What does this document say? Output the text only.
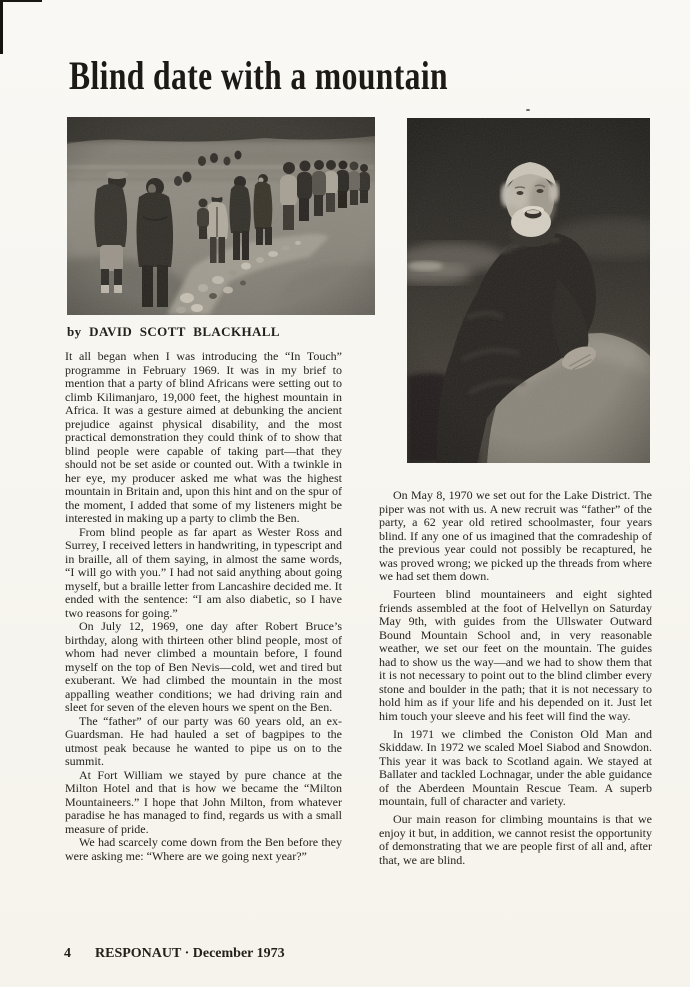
Blind date with a mountain
by DAVID SCOTT BLACKHALL

It all began when I was introducing the “In Touch” programme in February 1969. It was in my brief to mention that a party of blind Africans were setting out to climb Kilimanjaro, 19,000 feet, the highest mountain in Africa. It was a gesture aimed at debunking the ancient prejudice against physical disability, and the most practical demonstration they could think of to show that blind people were capable of taking part—that they should not be set aside or counted out. With a twinkle in her eye, my producer asked me what was the highest mountain in Britain and, upon this hint and on the spur of the moment, I added that some of my listeners might be interested in making up a party to climb the Ben.

From blind people as far apart as Wester Ross and Surrey, I received letters in handwriting, in typescript and in braille, all of them saying, in almost the same words, “I will go with you.” I had not said anything about going myself, but a braille letter from Lancashire decided me. It ended with the sentence: “I am also diabetic, so I have two reasons for going.”

On July 12, 1969, one day after Robert Bruce’s birthday, along with thirteen other blind people, most of whom had never climbed a mountain before, I found myself on the top of Ben Nevis—cold, wet and tired but exuberant. We had climbed the mountain in the most appalling weather conditions; we had driving rain and sleet for seven of the eleven hours we spent on the Ben.

The “father” of our party was 60 years old, an ex-Guardsman. He had hauled a set of bagpipes to the utmost peak because he wanted to pipe us on to the summit.

At Fort William we stayed by pure chance at the Milton Hotel and that is how we became the “Milton Mountaineers.” I hope that John Milton, from whatever paradise he has managed to find, regards us with a small measure of pride.

We had scarcely come down from the Ben before they were asking me: “Where are we going next year?”

On May 8, 1970 we set out for the Lake District. The piper was not with us. A new recruit was “father” of the party, a 62 year old retired schoolmaster, four years blind. If any one of us imagined that the comradeship of the previous year could not possibly be recaptured, he was proved wrong; we picked up the threads from where we had set them down.

Fourteen blind mountaineers and eight sighted friends assembled at the foot of Helvellyn on Saturday May 9th, with guides from the Ullswater Outward Bound Mountain School and, in very reasonable weather, we set our feet on the mountain. The guides had to show us the way—and we had to show them that it is not necessary to point out to the blind climber every stone and boulder in the path; that it is not necessary to hold him as if your life and his depended on it. Just let him touch your sleeve and his feet will find the way.

In 1971 we climbed the Coniston Old Man and Skiddaw. In 1972 we scaled Moel Siabod and Snowdon. This year it was back to Scotland again. We stayed at Ballater and tackled Lochnagar, under the able guidance of the Aberdeen Mountain Rescue Team. A superb mountain, full of character and variety.

Our main reason for climbing mountains is that we enjoy it but, in addition, we cannot resist the opportunity of demonstrating that we are people first of all and, after that, we are blind.

4 RESPONAUT · December 1973
